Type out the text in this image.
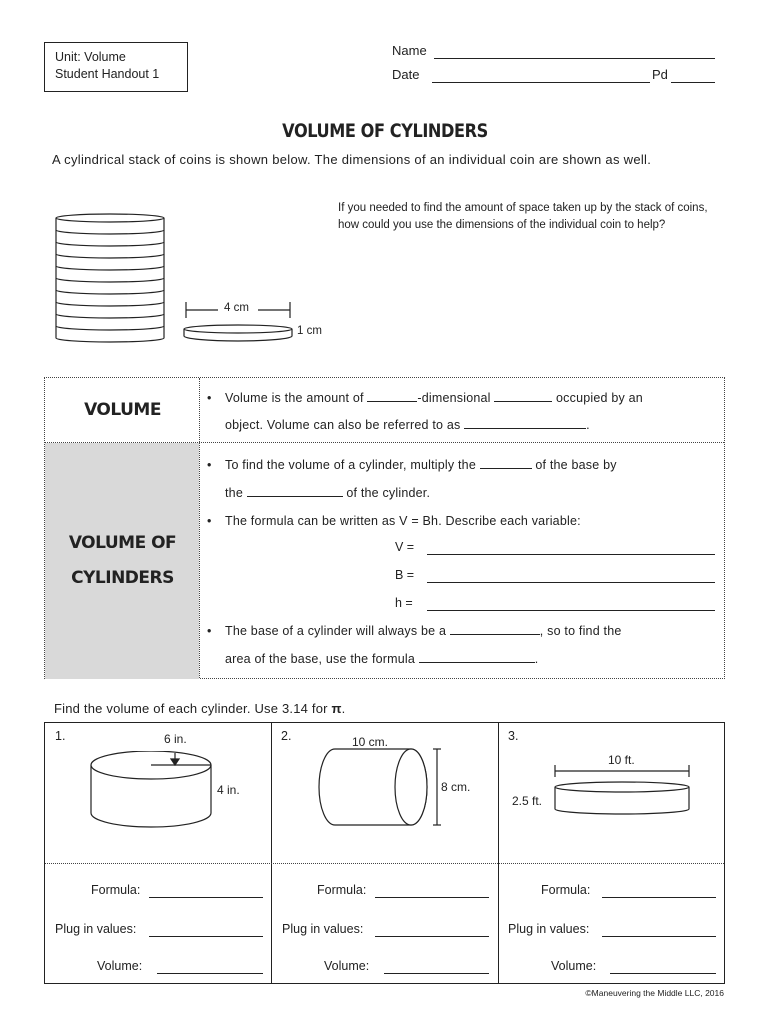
Unit: Volume
Student Handout 1
Name
Date	Pd
VOLUME OF CYLINDERS
A cylindrical stack of coins is shown below. The dimensions of an individual coin are shown as well.
If you needed to find the amount of space taken up by the stack of coins, how could you use the dimensions of the individual coin to help?
4 cm
1 cm
VOLUME
VOLUME OF
CYLINDERS
• Volume is the amount of	-dimensional	occupied by an
object. Volume can also be referred to as	.
• To find the volume of a cylinder, multiply the	of the base by
the	of the cylinder.
• The formula can be written as V = Bh. Describe each variable:
V =
B =
h =
• The base of a cylinder will always be a	, so to find the
area of the base, use the formula	.
Find the volume of each cylinder. Use 3.14 for π.
1.	6 in.
4 in.
2.	10 cm.
8 cm.
3.
10 ft.
2.5 ft.
Formula:
Plug in values:
Volume:
Formula:
Plug in values:
Volume:
Formula:
Plug in values:
Volume:
©Maneuvering the Middle LLC, 2016
